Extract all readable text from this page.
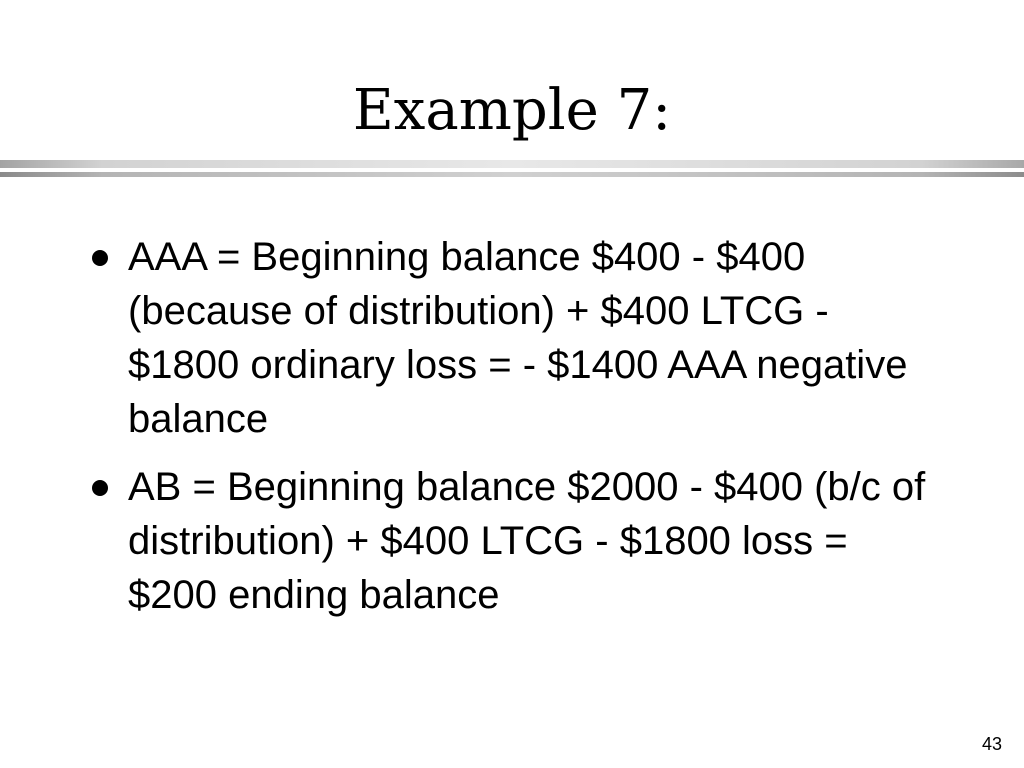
Example 7:
AAA = Beginning balance $400 - $400 (because of distribution) + $400 LTCG - $1800 ordinary loss = - $1400 AAA negative balance
AB = Beginning balance $2000 - $400 (b/c of distribution) + $400 LTCG - $1800 loss = $200 ending balance
43
